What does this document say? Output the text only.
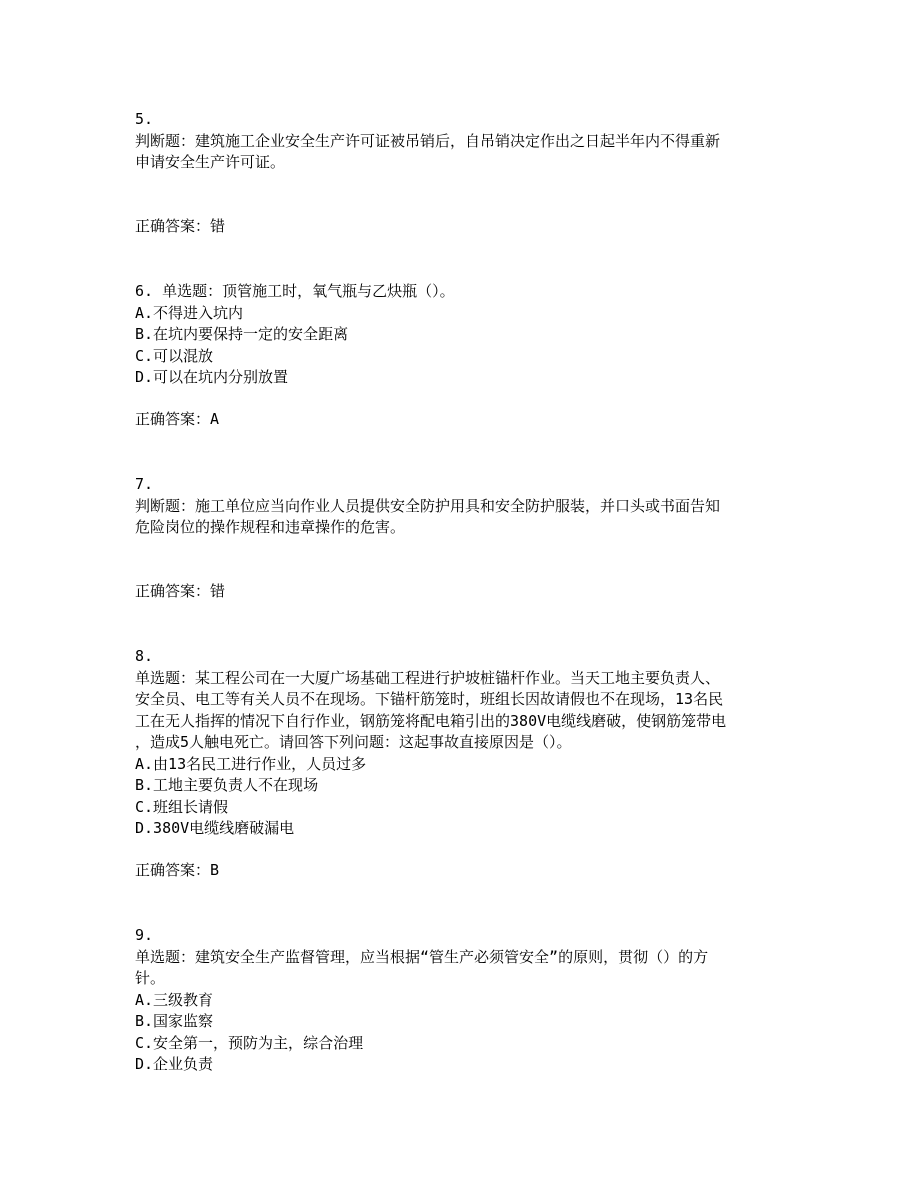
5.
判断题：建筑施工企业安全生产许可证被吊销后，自吊销决定作出之日起半年内不得重新
申请安全生产许可证。
正确答案：错
6. 单选题：顶管施工时，氧气瓶与乙炔瓶（）。
A.不得进入坑内
B.在坑内要保持一定的安全距离
C.可以混放
D.可以在坑内分别放置
正确答案：A
7.
判断题：施工单位应当向作业人员提供安全防护用具和安全防护服装，并口头或书面告知
危险岗位的操作规程和违章操作的危害。
正确答案：错
8.
单选题：某工程公司在一大厦广场基础工程进行护坡桩锚杆作业。当天工地主要负责人、
安全员、电工等有关人员不在现场。下锚杆筋笼时，班组长因故请假也不在现场，13名民
工在无人指挥的情况下自行作业，钢筋笼将配电箱引出的380V电缆线磨破，使钢筋笼带电
，造成5人触电死亡。请回答下列问题：这起事故直接原因是（）。
A.由13名民工进行作业，人员过多
B.工地主要负责人不在现场
C.班组长请假
D.380V电缆线磨破漏电
正确答案：B
9.
单选题：建筑安全生产监督管理，应当根据“管生产必须管安全”的原则，贯彻（）的方
针。
A.三级教育
B.国家监察
C.安全第一，预防为主，综合治理
D.企业负责
